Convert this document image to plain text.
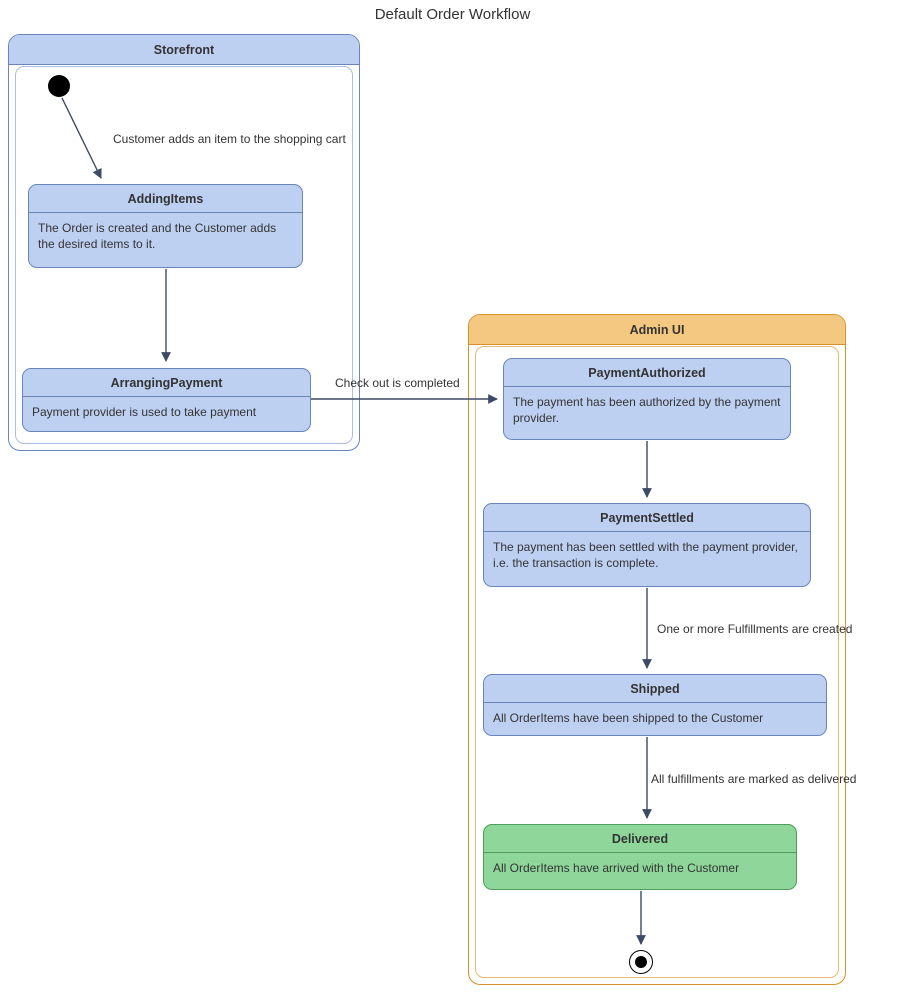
Default Order Workflow
Storefront
Admin UI
AddingItems
The Order is created and the Customer adds the desired items to it.
ArrangingPayment
Payment provider is used to take payment
PaymentAuthorized
The payment has been authorized by the payment provider.
PaymentSettled
The payment has been settled with the payment provider, i.e. the transaction is complete.
Shipped
All OrderItems have been shipped to the Customer
Delivered
All OrderItems have arrived with the Customer
Customer adds an item to the shopping cart
Check out is completed
One or more Fulfillments are created
All fulfillments are marked as delivered
